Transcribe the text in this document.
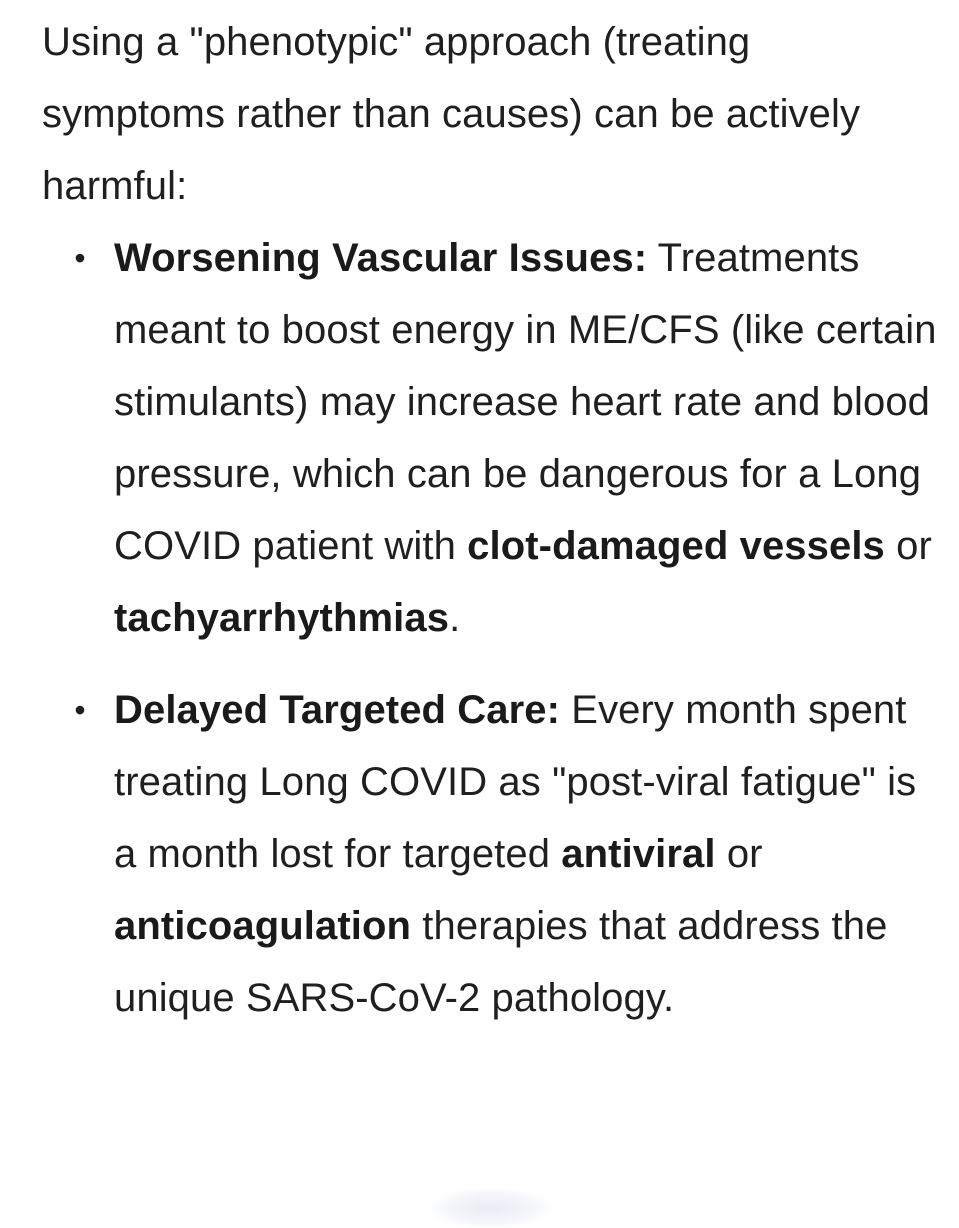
Using a "phenotypic" approach (treating symptoms rather than causes) can be actively harmful:

• Worsening Vascular Issues: Treatments meant to boost energy in ME/CFS (like certain stimulants) may increase heart rate and blood pressure, which can be dangerous for a Long COVID patient with clot-damaged vessels or tachyarrhythmias.
• Delayed Targeted Care: Every month spent treating Long COVID as "post-viral fatigue" is a month lost for targeted antiviral or anticoagulation therapies that address the unique SARS-CoV-2 pathology.
